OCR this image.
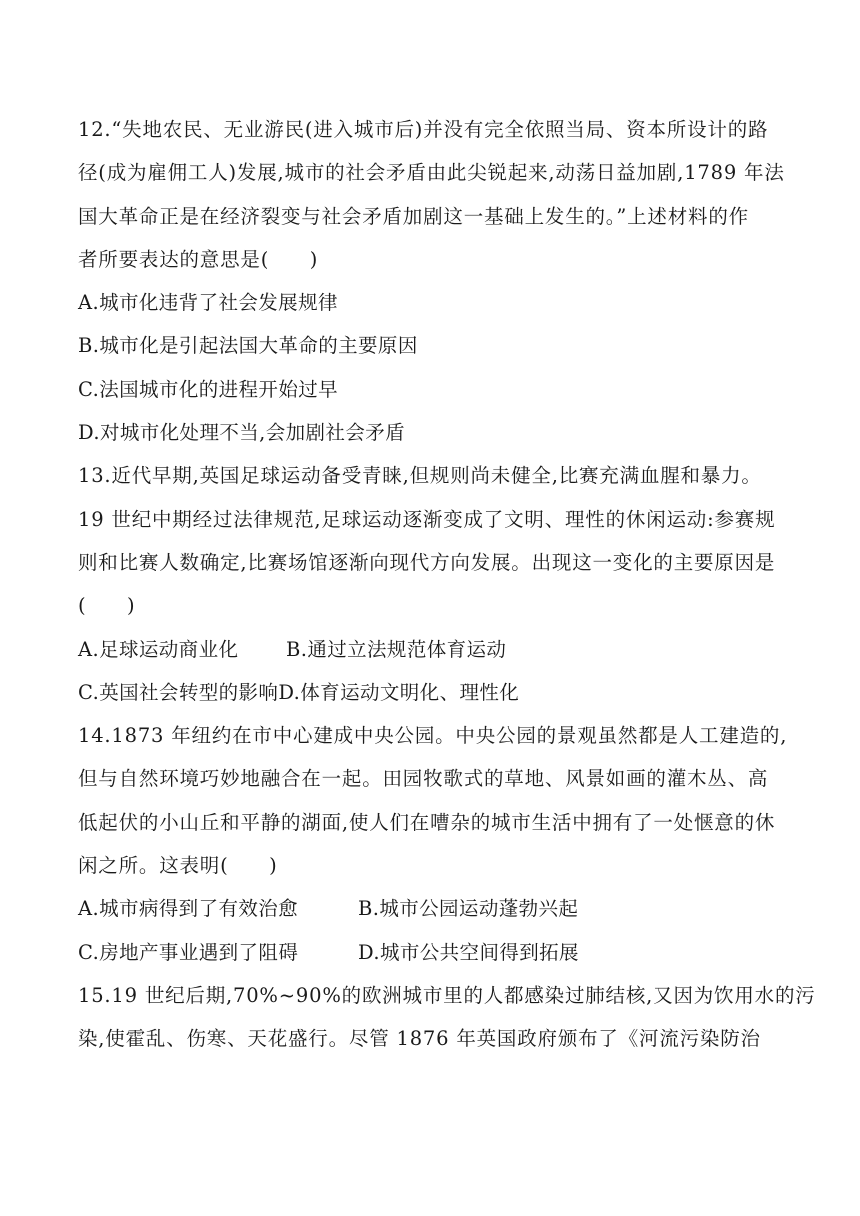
12.“失地农民、无业游民(进入城市后)并没有完全依照当局、资本所设计的路
径(成为雇佣工人)发展,城市的社会矛盾由此尖锐起来,动荡日益加剧,1789 年法
国大革命正是在经济裂变与社会矛盾加剧这一基础上发生的。”上述材料的作
者所要表达的意思是(　　)
A.城市化违背了社会发展规律
B.城市化是引起法国大革命的主要原因
C.法国城市化的进程开始过早
D.对城市化处理不当,会加剧社会矛盾
13.近代早期,英国足球运动备受青睐,但规则尚未健全,比赛充满血腥和暴力。
19 世纪中期经过法律规范,足球运动逐渐变成了文明、理性的休闲运动:参赛规
则和比赛人数确定,比赛场馆逐渐向现代方向发展。出现这一变化的主要原因是
(　　)
A.足球运动商业化	B.通过立法规范体育运动
C.英国社会转型的影响 D.体育运动文明化、理性化
14.1873 年纽约在市中心建成中央公园。中央公园的景观虽然都是人工建造的,
但与自然环境巧妙地融合在一起。田园牧歌式的草地、风景如画的灌木丛、高
低起伏的小山丘和平静的湖面,使人们在嘈杂的城市生活中拥有了一处惬意的休
闲之所。这表明(　　)
A.城市病得到了有效治愈	B.城市公园运动蓬勃兴起
C.房地产事业遇到了阻碍	D.城市公共空间得到拓展
15.19 世纪后期,70%~90%的欧洲城市里的人都感染过肺结核,又因为饮用水的污
染,使霍乱、伤寒、天花盛行。尽管 1876 年英国政府颁布了《河流污染防治
